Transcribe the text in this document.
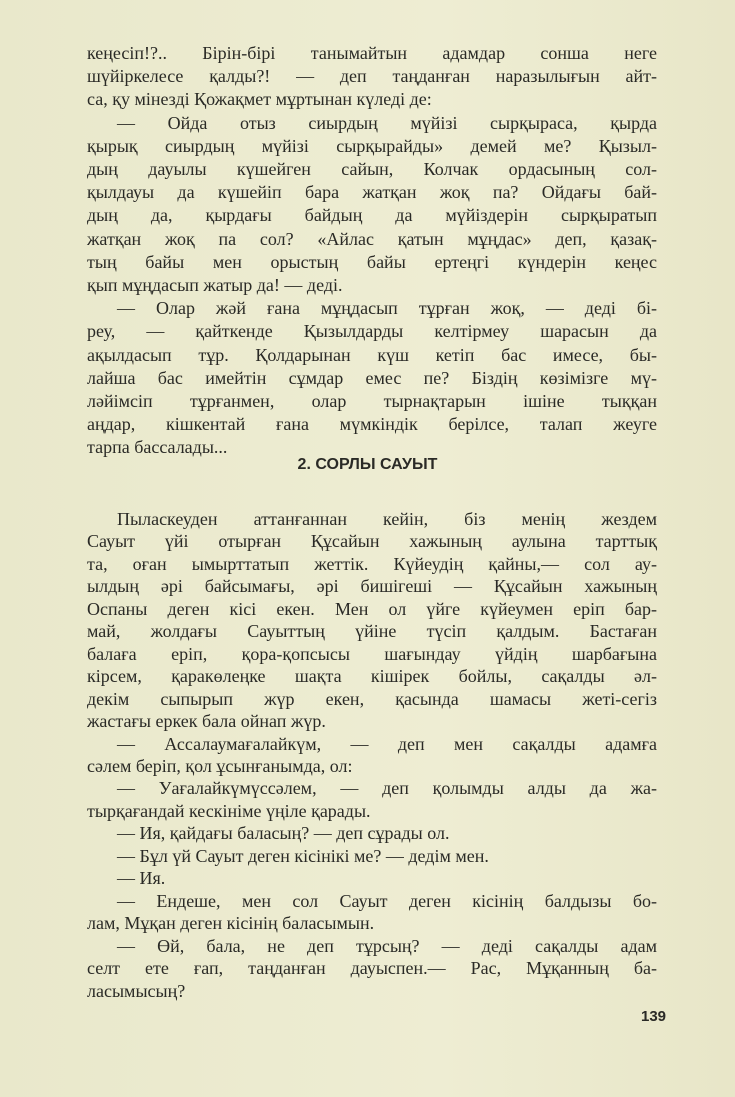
кеңесіп!?.. Бірін-бірі танымайтын адамдар сонша неге
шүйіркелесе қалды?! — деп таңданған наразылығын айт-
са, қу мінезді Қожақмет мұртынан күледі де:
— Ойда отыз сиырдың мүйізі сырқыраса, қырда
қырық сиырдың мүйізі сырқырайды» демей ме? Қызыл-
дың дауылы күшейген сайын, Колчак ордасының сол-
қылдауы да күшейіп бара жатқан жоқ па? Ойдағы бай-
дың да, қырдағы байдың да мүйіздерін сырқыратып
жатқан жоқ па сол? «Айлас қатын мұңдас» деп, қазақ-
тың байы мен орыстың байы ертеңгі күндерін кеңес
қып мұңдасып жатыр да! — деді.
— Олар жәй ғана мұңдасып тұрған жоқ, — деді бі-
реу, — қайткенде Қызылдарды келтірмеу шарасын да
ақылдасып тұр. Қолдарынан күш кетіп бас имесе, бы-
лайша бас имейтін сұмдар емес пе? Біздің көзімізге мү-
ләйімсіп тұрғанмен, олар тырнақтарын ішіне тыққан
аңдар, кішкентай ғана мүмкіндік берілсе, талап жеуге
тарпа бассалады...
2. СОРЛЫ САУЫТ
Пыласкеуден аттанғаннан кейін, біз менің жездем
Сауыт үйі отырған Құсайын хажының аулына тарттық
та, оған ымырттатып жеттік. Күйеудің қайны,— сол ау-
ылдың әрі байсымағы, әрі бишігеші — Құсайын хажының
Оспаны деген кісі екен. Мен ол үйге күйеумен еріп бар-
май, жолдағы Сауыттың үйіне түсіп қалдым. Бастаған
балаға еріп, қора-қопсысы шағындау үйдің шарбағына
кірсем, қаракөлеңке шақта кішірек бойлы, сақалды әл-
декім сыпырып жүр екен, қасында шамасы жеті-сегіз
жастағы еркек бала ойнап жүр.
— Ассалаумағалайкүм, — деп мен сақалды адамға
сәлем беріп, қол ұсынғанымда, ол:
— Уағалайкүмүссәлем, — деп қолымды алды да жа-
тырқағандай кескініме үңіле қарады.
— Ия, қайдағы баласың? — деп сұрады ол.
— Бұл үй Сауыт деген кісінікі ме? — дедім мен.
— Ия.
— Ендеше, мен сол Сауыт деген кісінің балдызы бо-
лам, Мұқан деген кісінің баласымын.
— Өй, бала, не деп тұрсың? — деді сақалды адам
селт ете ғап, таңданған дауыспен.— Рас, Мұқанның ба-
ласымысың?
139
